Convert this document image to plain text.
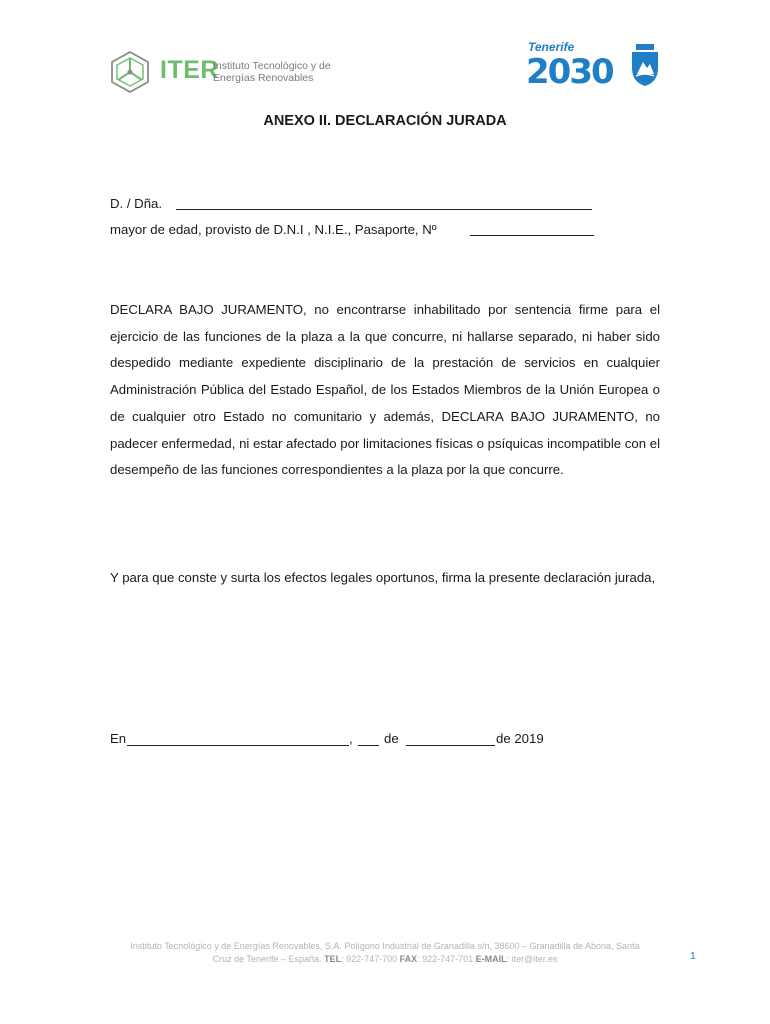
ITER
Instituto Tecnológico y de
Energías Renovables
Tenerife
2030
ANEXO II. DECLARACIÓN JURADA
D. / Dña.
mayor de edad, provisto de D.N.I , N.I.E., Pasaporte, Nº

DECLARA BAJO JURAMENTO, no encontrarse inhabilitado por sentencia firme para el ejercicio de las funciones de la plaza a la que concurre, ni hallarse separado, ni haber sido despedido mediante expediente disciplinario de la prestación de servicios en cualquier Administración Pública del Estado Español, de los Estados Miembros de la Unión Europea o de cualquier otro Estado no comunitario y además, DECLARA BAJO JURAMENTO, no padecer enfermedad, ni estar afectado por limitaciones físicas o psíquicas incompatible con el desempeño de las funciones correspondientes a la plaza por la que concurre.

Y para que conste y surta los efectos legales oportunos, firma la presente declaración jurada,

En	, de	de 2019
Instituto Tecnológico y de Energías Renovables, S.A. Polígono Industrial de Granadilla s/n, 38600 – Granadilla de Abona, Santa
Cruz de Tenerife – España. TEL: 922-747-700 FAX: 922-747-701 E-MAIL: iter@iter.es	1
